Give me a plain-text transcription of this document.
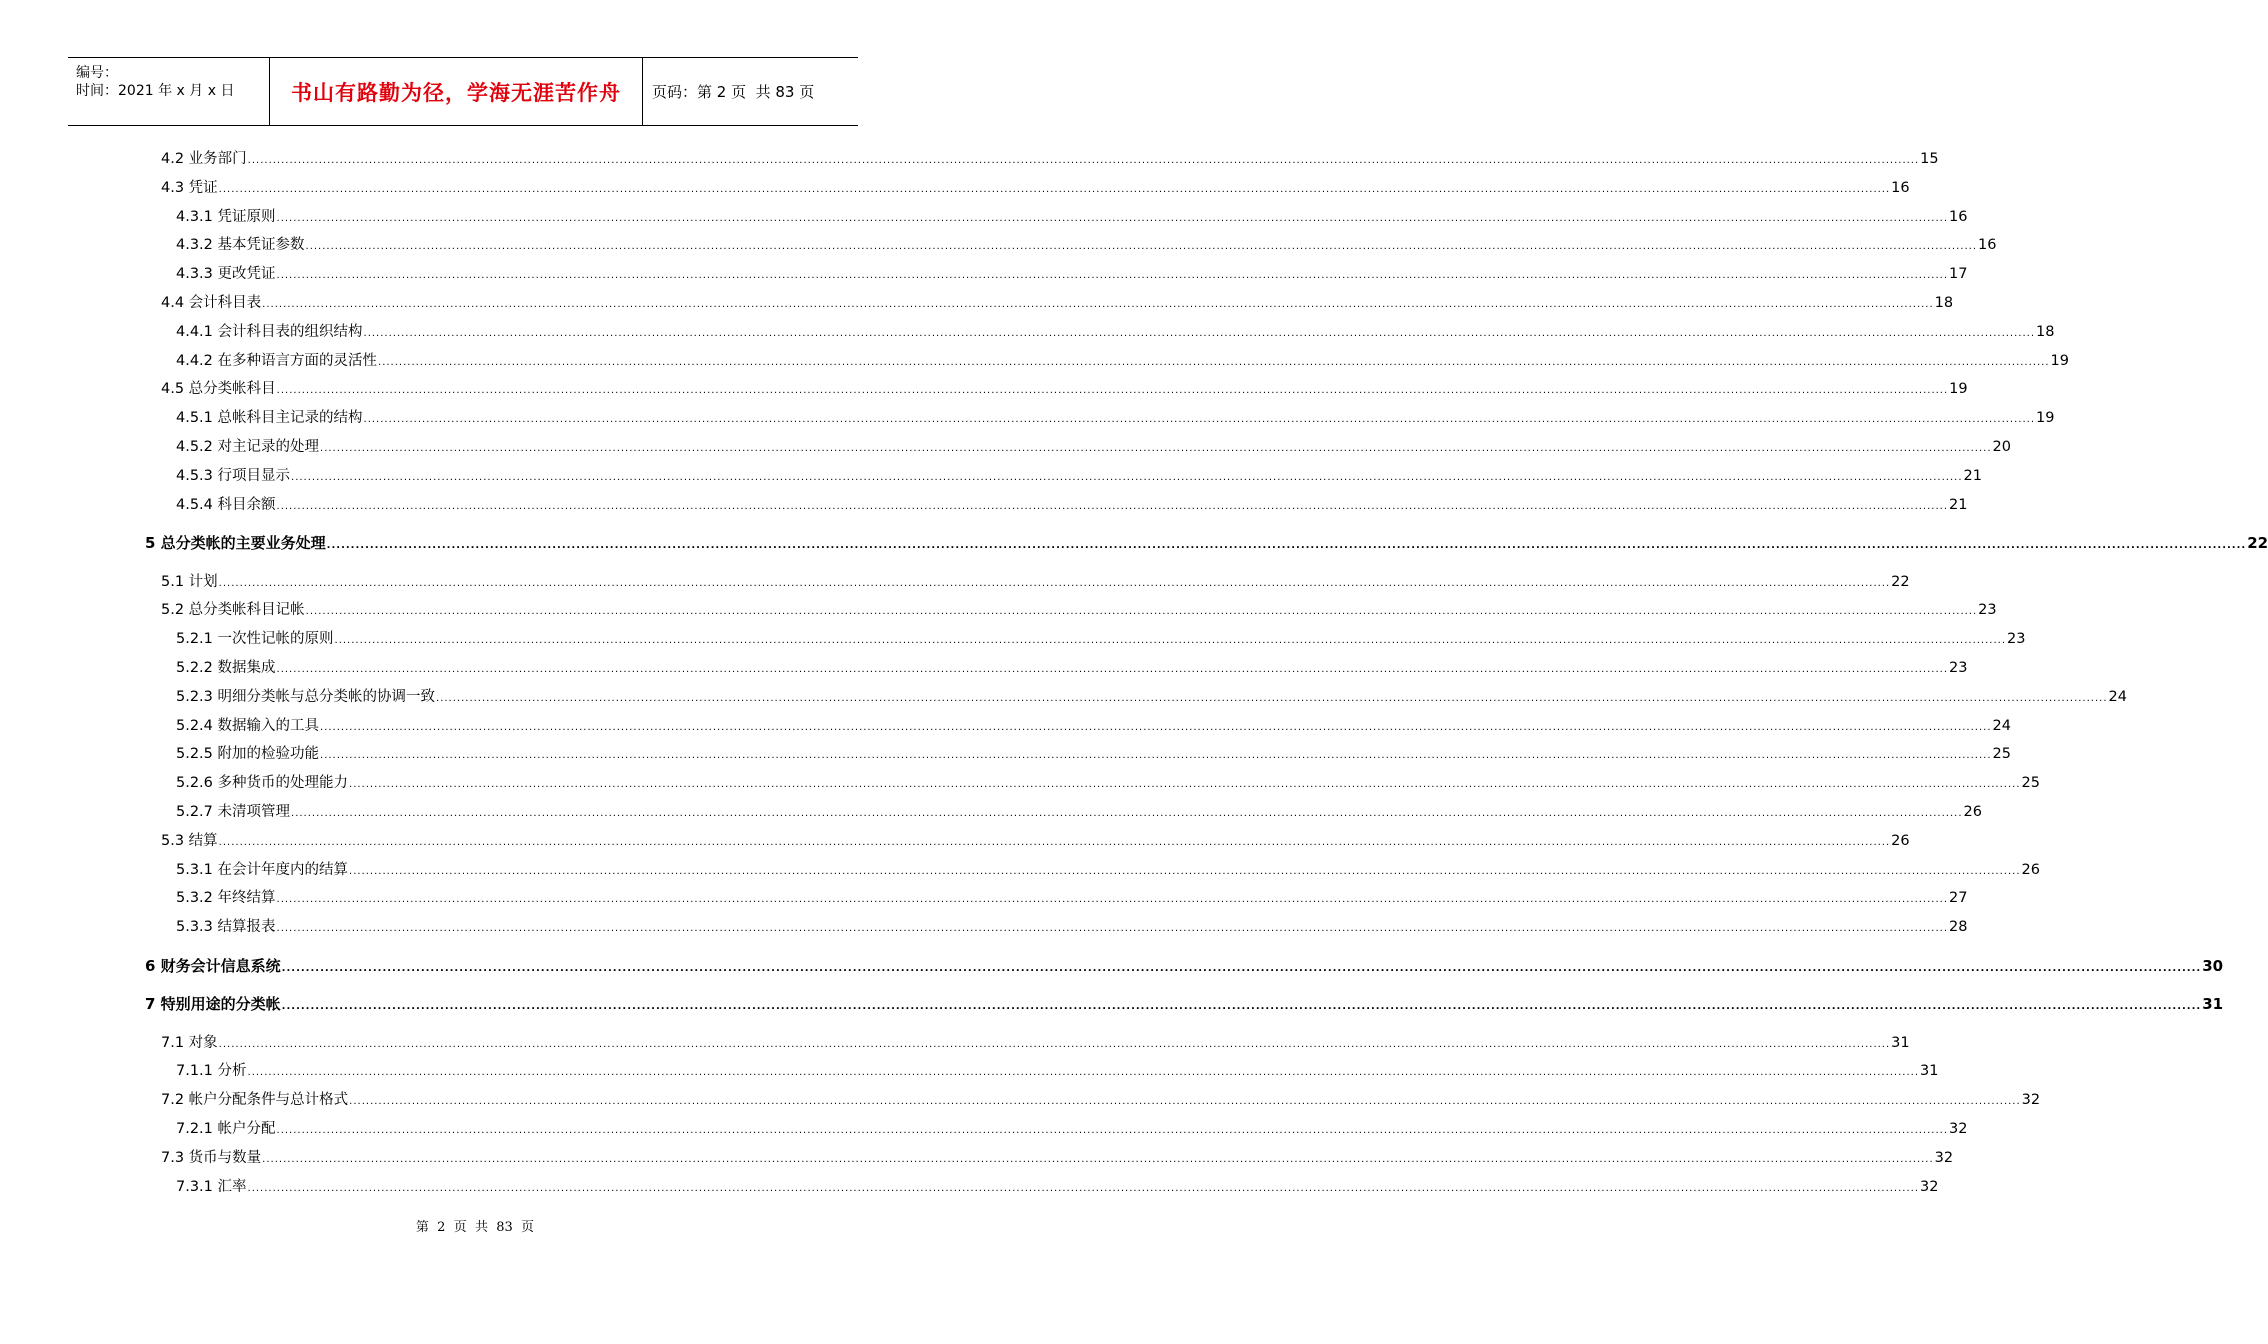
编号：
时间：2021 年 x 月 x 日	书山有路勤为径，学海无涯苦作舟 页码：第 2 页  共 83 页
4.2 业务部门 ................................................................................................................................................................................................................................................................................................................................................................................................................ 15
4.3 凭证 ................................................................................................................................................................................................................................................................................................................................................................................................................ 16
4.3.1 凭证原则 ................................................................................................................................................................................................................................................................................................................................................................................................................ 16
4.3.2 基本凭证参数 ................................................................................................................................................................................................................................................................................................................................................................................................................ 16
4.3.3 更改凭证 ................................................................................................................................................................................................................................................................................................................................................................................................................ 17
4.4 会计科目表 ................................................................................................................................................................................................................................................................................................................................................................................................................ 18
4.4.1 会计科目表的组织结构 ................................................................................................................................................................................................................................................................................................................................................................................................................ 18
4.4.2 在多种语言方面的灵活性 ................................................................................................................................................................................................................................................................................................................................................................................................................ 19
4.5 总分类帐科目 ................................................................................................................................................................................................................................................................................................................................................................................................................ 19
4.5.1 总帐科目主记录的结构 ................................................................................................................................................................................................................................................................................................................................................................................................................ 19
4.5.2 对主记录的处理 ................................................................................................................................................................................................................................................................................................................................................................................................................ 20
4.5.3 行项目显示 ................................................................................................................................................................................................................................................................................................................................................................................................................ 21
4.5.4 科目余额 ................................................................................................................................................................................................................................................................................................................................................................................................................ 21
5 总分类帐的主要业务处理 ................................................................................................................................................................................................................................................................................................................................................................................................................ 22
5.1 计划 ................................................................................................................................................................................................................................................................................................................................................................................................................ 22
5.2 总分类帐科目记帐 ................................................................................................................................................................................................................................................................................................................................................................................................................ 23
5.2.1 一次性记帐的原则 ................................................................................................................................................................................................................................................................................................................................................................................................................ 23
5.2.2 数据集成 ................................................................................................................................................................................................................................................................................................................................................................................................................ 23
5.2.3 明细分类帐与总分类帐的协调一致 ................................................................................................................................................................................................................................................................................................................................................................................................................ 24
5.2.4 数据输入的工具 ................................................................................................................................................................................................................................................................................................................................................................................................................ 24
5.2.5 附加的检验功能 ................................................................................................................................................................................................................................................................................................................................................................................................................ 25
5.2.6 多种货币的处理能力 ................................................................................................................................................................................................................................................................................................................................................................................................................ 25
5.2.7 未清项管理 ................................................................................................................................................................................................................................................................................................................................................................................................................ 26
5.3 结算 ................................................................................................................................................................................................................................................................................................................................................................................................................ 26
5.3.1 在会计年度内的结算 ................................................................................................................................................................................................................................................................................................................................................................................................................ 26
5.3.2 年终结算 ................................................................................................................................................................................................................................................................................................................................................................................................................ 27
5.3.3 结算报表 ................................................................................................................................................................................................................................................................................................................................................................................................................ 28
6 财务会计信息系统 ................................................................................................................................................................................................................................................................................................................................................................................................................ 30
7 特别用途的分类帐 ................................................................................................................................................................................................................................................................................................................................................................................................................ 31
7.1 对象 ................................................................................................................................................................................................................................................................................................................................................................................................................ 31
7.1.1 分析 ................................................................................................................................................................................................................................................................................................................................................................................................................ 31
7.2 帐户分配条件与总计格式 ................................................................................................................................................................................................................................................................................................................................................................................................................ 32
7.2.1 帐户分配 ................................................................................................................................................................................................................................................................................................................................................................................................................ 32
7.3 货币与数量 ................................................................................................................................................................................................................................................................................................................................................................................................................ 32
7.3.1 汇率 ................................................................................................................................................................................................................................................................................................................................................................................................................ 32
第  2  页  共  83  页
